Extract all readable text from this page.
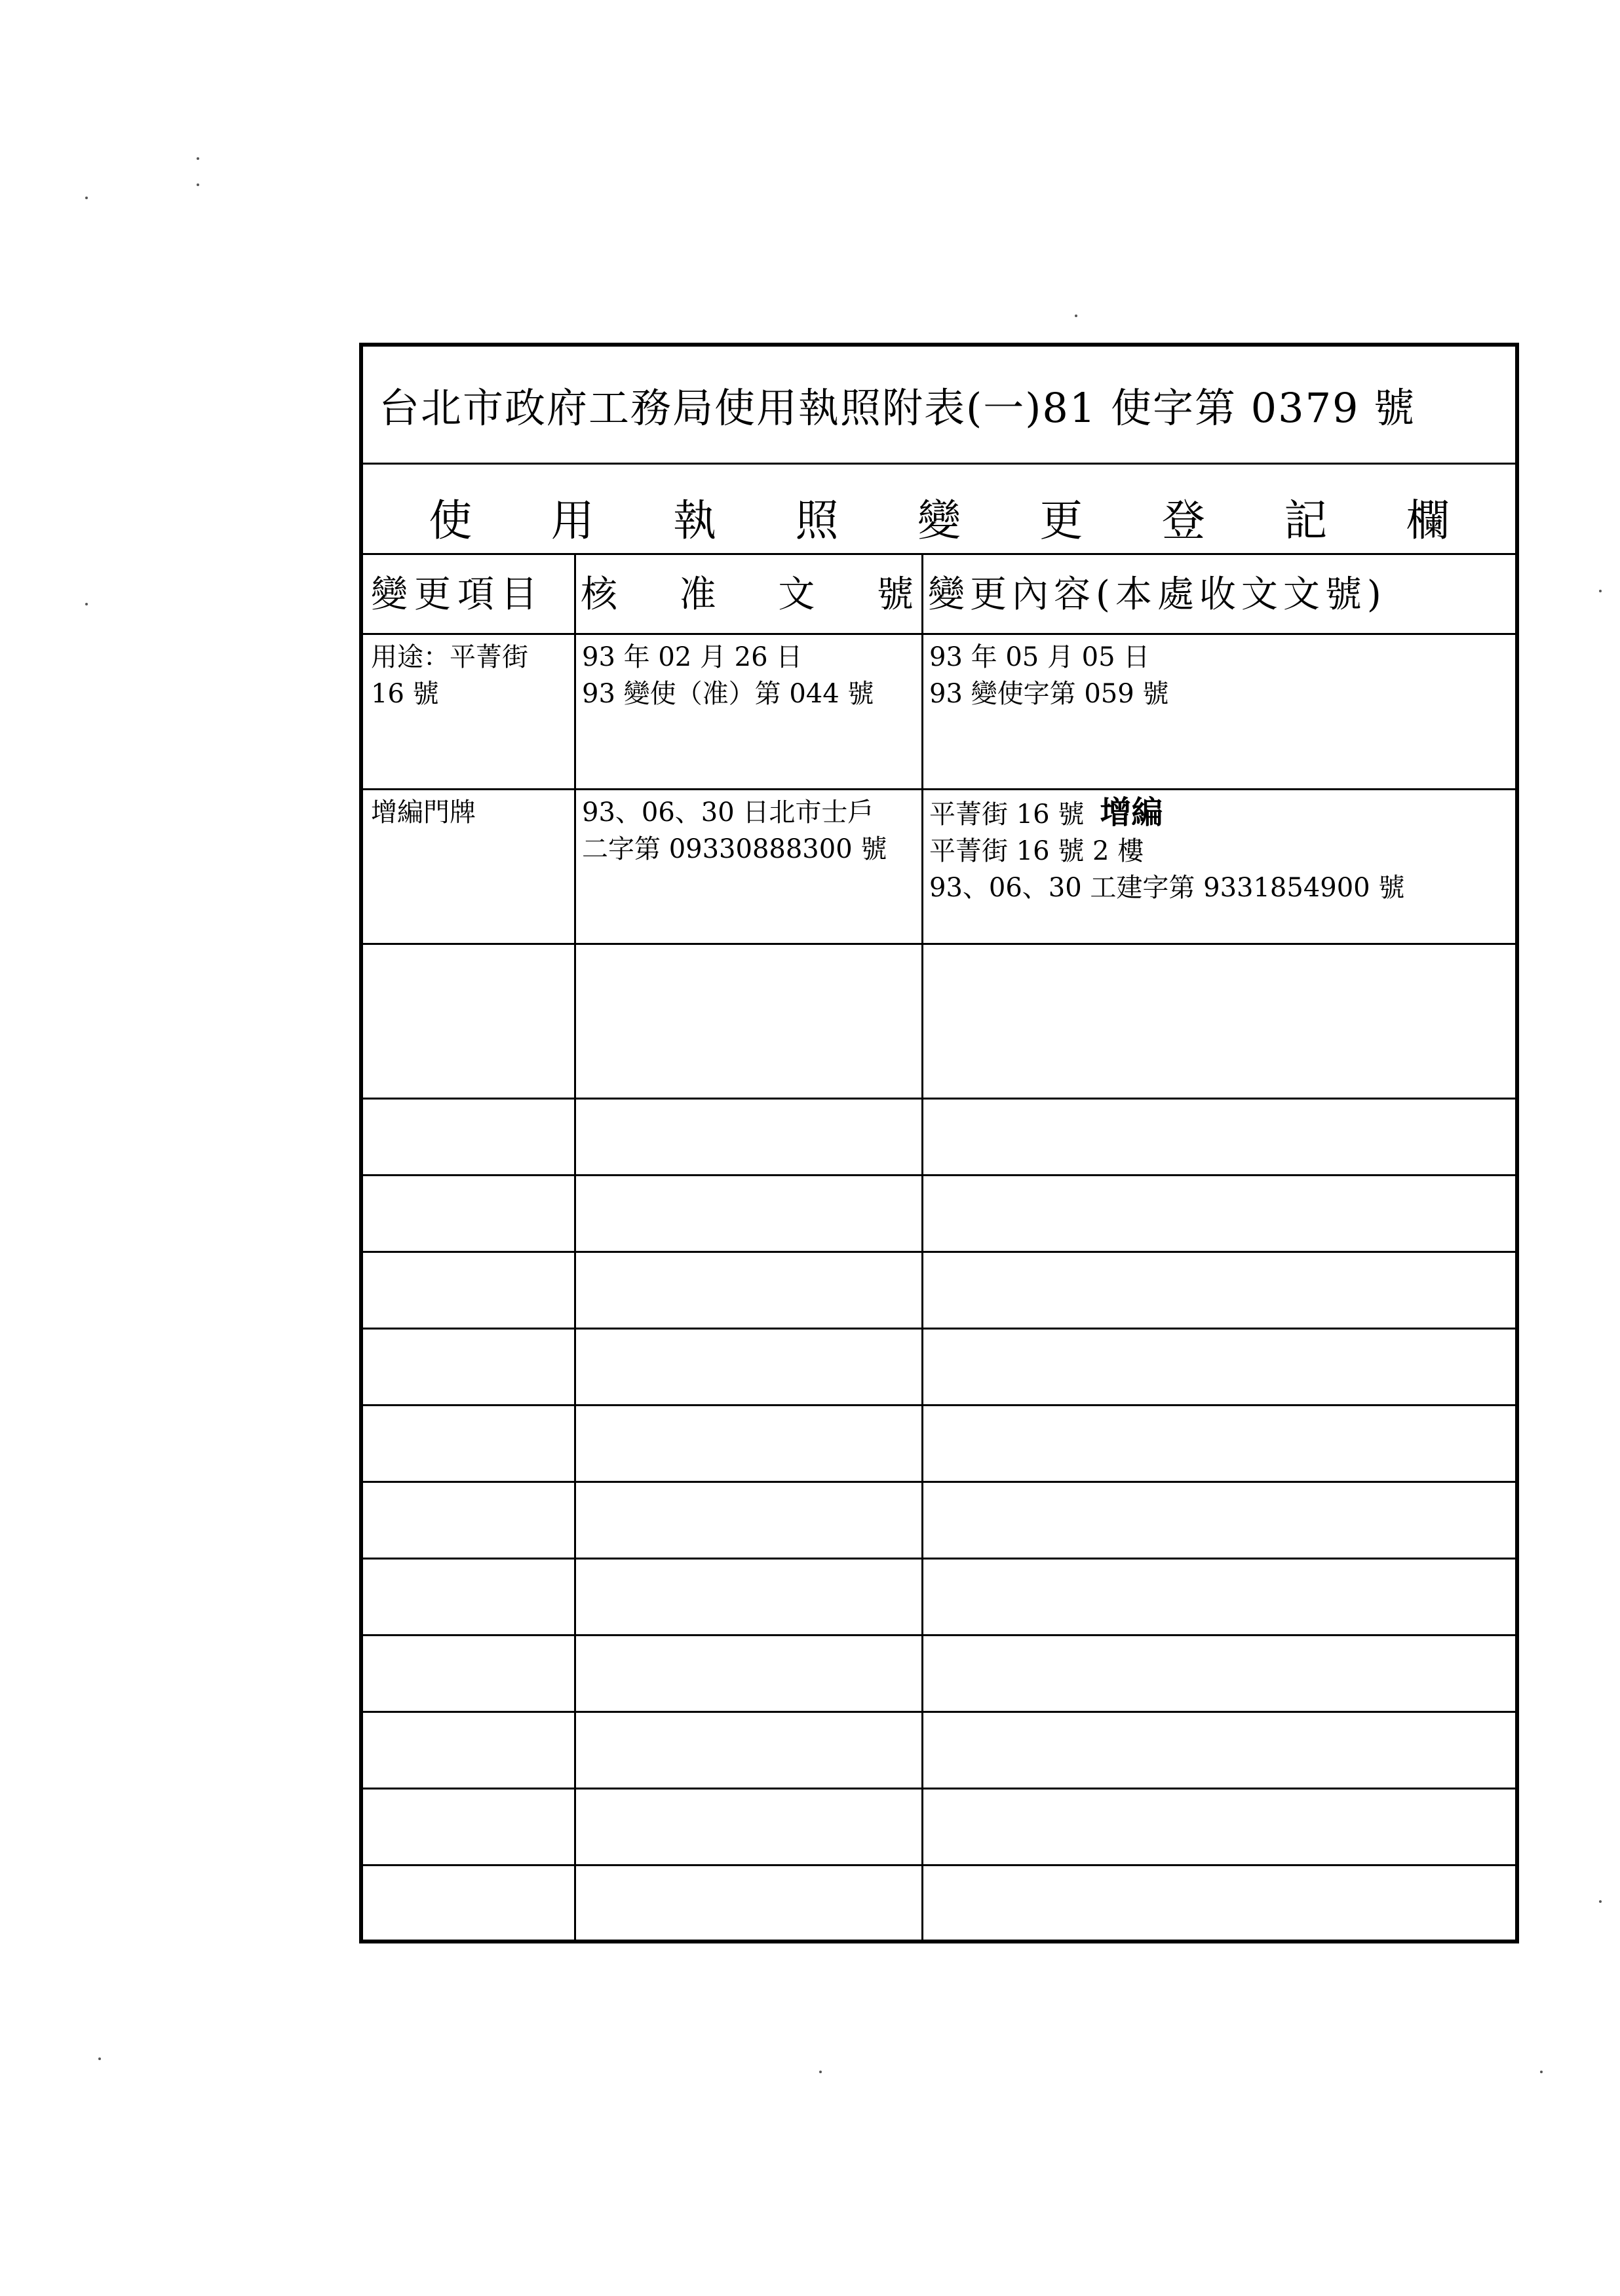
台北市政府工務局使用執照附表(一)81 使字第 0379 號
使 用 執 照 變 更 登 記 欄
變更項目	核 准 文 號 變更內容(本處收文文號)
用途：平菁街
16 號
93 年 02 月 26 日
93 變使（准）第 044 號
93 年 05 月 05 日
93 變使字第 059 號
增編門牌	93、06、30 日北市士戶
二字第 09330888300 號
平菁街 16 號 增編
平菁街 16 號 2 樓
93、06、30 工建字第 9331854900 號
